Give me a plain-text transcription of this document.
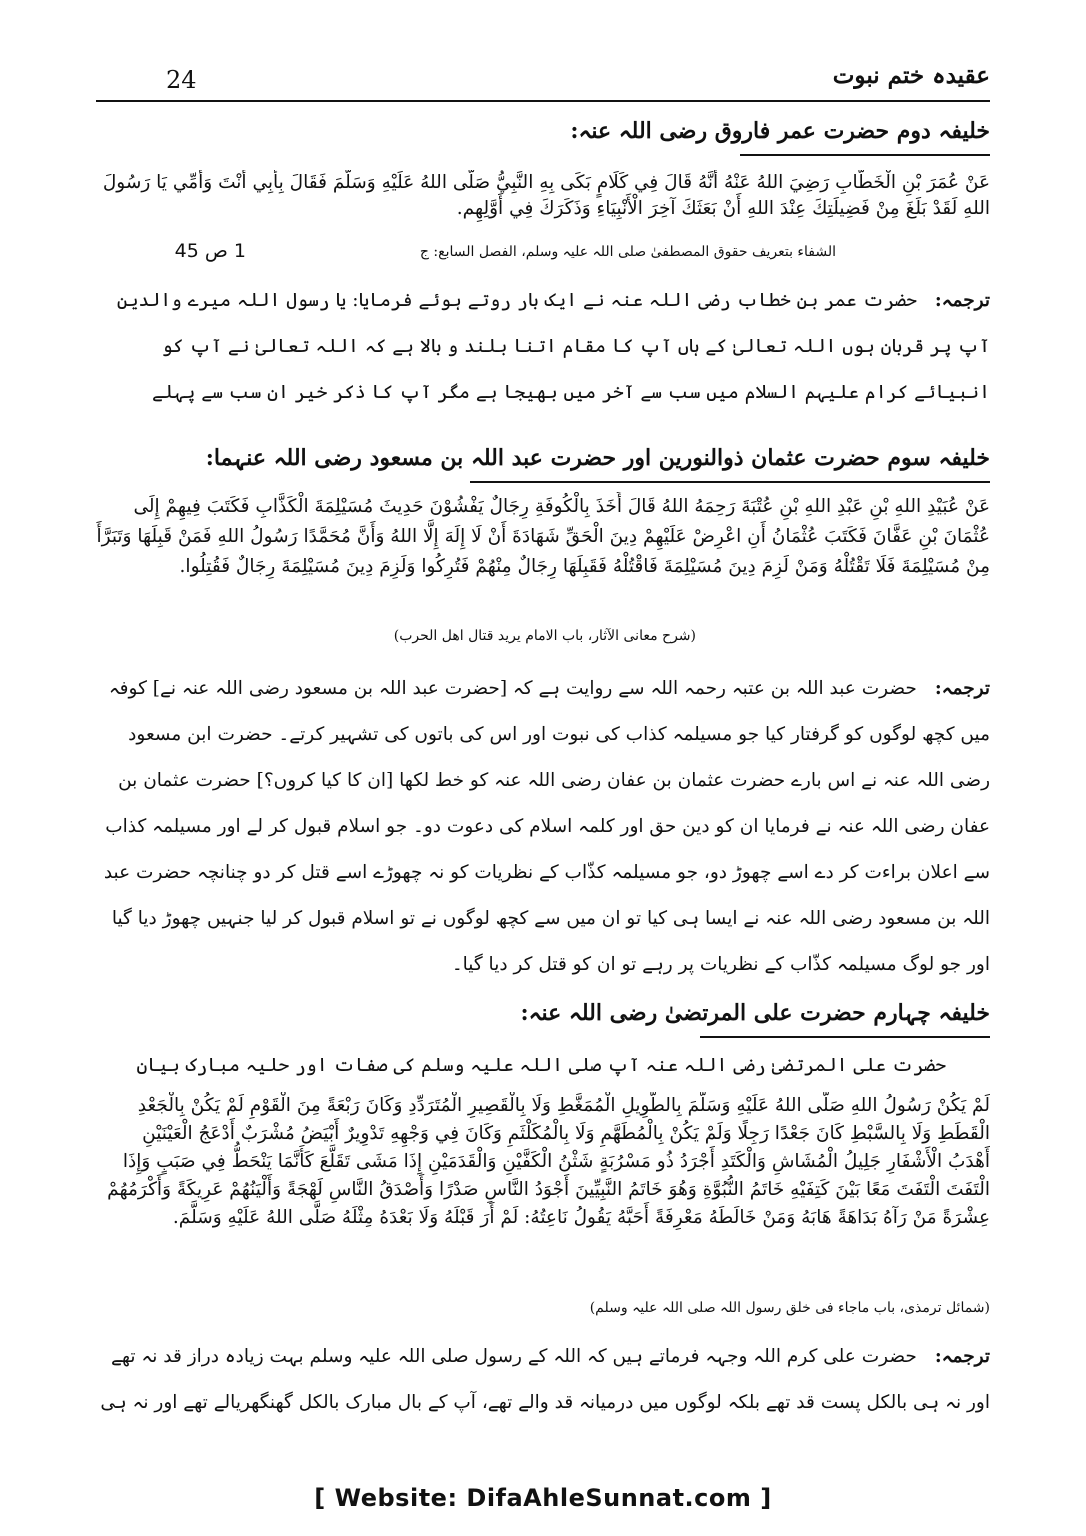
24	عقیدہ ختم نبوت
خلیفہ دوم حضرت عمر فاروق رضی اللہ عنہ:
عَنْ عُمَرَ بْنِ الْخَطَّابِ رَضِيَ اللهُ عَنْهُ أَنَّهُ قَالَ فِي كَلَامٍ بَكَى بِهِ النَّبِيُّ صَلَّى اللهُ عَلَيْهِ وَسَلَّمَ فَقَالَ بِأَبِي أَنْتَ وَأُمِّي يَا رَسُولَ اللهِ لَقَدْ بَلَغَ مِنْ فَضِيلَتِكَ عِنْدَ اللهِ أَنْ بَعَثَكَ آخِرَ الْأَنْبِيَاءِ وَذَكَرَكَ فِي أَوَّلِهِم.
الشفاء بتعریف حقوق المصطفیٰ صلی اللہ علیہ وسلم، الفصل السابع: ج
1 ص 45
ترجمہ:حضرت عمر بن خطاب رضی اللہ عنہ نے ایک بار روتے ہوئے فرمایا: یا رسول اللہ میرے والدین آپ پر قربان ہوں اللہ تعالیٰ کے ہاں آپ کا مقام اتنا بلند و بالا ہے کہ اللہ تعالیٰ نے آپ کو انبیائے کرام علیہم السلام میں سب سے آخر میں بھیجا ہے مگر آپ کا ذکر خیر ان سب سے پہلے
خلیفہ سوم حضرت عثمان ذوالنورین اور حضرت عبد اللہ بن مسعود رضی اللہ عنہما:
عَنْ عُبَيْدِ اللهِ بْنِ عَبْدِ اللهِ بْنِ عُتْبَةَ رَحِمَهُ اللهُ قَالَ أَخَذَ بِالْكُوفَةِ رِجَالٌ يَفْشُوْنَ حَدِيثَ مُسَيْلِمَةَ الْكَذَّابِ فَكَتَبَ فِيهِمْ إِلَى عُثْمَانَ بْنِ عَفَّانَ فَكَتَبَ عُثْمَانُ أَنِ اعْرِضْ عَلَيْهِمْ دِينَ الْحَقِّ شَهَادَةَ أَنْ لَا إِلَهَ إِلَّا اللهُ وَأَنَّ مُحَمَّدًا رَسُولُ اللهِ فَمَنْ قَبِلَهَا وَتَبَرَّأَ مِنْ مُسَيْلِمَةَ فَلَا تَقْتُلْهُ وَمَنْ لَزِمَ دِينَ مُسَيْلِمَةَ فَاقْتُلْهُ فَقَبِلَهَا رِجَالٌ مِنْهُمْ فَتُرِكُوا وَلَزِمَ دِينَ مُسَيْلِمَةَ رِجَالٌ فَقُتِلُوا.
(شرح معانی الآثار، باب الامام یرید قتال اھل الحرب)
ترجمہ:حضرت عبد اللہ بن عتبہ رحمہ اللہ سے روایت ہے کہ [حضرت عبد اللہ بن مسعود رضی اللہ عنہ نے] کوفہ میں کچھ لوگوں کو گرفتار کیا جو مسیلمہ کذاب کی نبوت اور اس کی باتوں کی تشہیر کرتے۔ حضرت ابن مسعود رضی اللہ عنہ نے اس بارے حضرت عثمان بن عفان رضی اللہ عنہ کو خط لکھا [ان کا کیا کروں؟] حضرت عثمان بن عفان رضی اللہ عنہ نے فرمایا ان کو دین حق اور کلمہ اسلام کی دعوت دو۔ جو اسلام قبول کر لے اور مسیلمہ کذاب سے اعلان براءت کر دے اسے چھوڑ دو، جو مسیلمہ کذّاب کے نظریات کو نہ چھوڑے اسے قتل کر دو چنانچہ حضرت عبد اللہ بن مسعود رضی اللہ عنہ نے ایسا ہی کیا تو ان میں سے کچھ لوگوں نے تو اسلام قبول کر لیا جنہیں چھوڑ دیا گیا اور جو لوگ مسیلمہ کذّاب کے نظریات پر رہے تو ان کو قتل کر دیا گیا۔
خلیفہ چہارم حضرت علی المرتضیٰ رضی اللہ عنہ:
حضرت علی المرتضیٰ رضی اللہ عنہ آپ صلی اللہ علیہ وسلم کی صفات اور حلیہ مبارک بیان
لَمْ يَكُنْ رَسُولُ اللهِ صَلَّى اللهُ عَلَيْهِ وَسَلَّمَ بِالطَّوِيلِ الْمُمَغَّطِ وَلَا بِالْقَصِيرِ الْمُتَرَدِّدِ وَكَانَ رَبْعَةً مِنَ الْقَوْمِ لَمْ يَكُنْ بِالْجَعْدِ الْقَطَطِ وَلَا بِالسَّبْطِ كَانَ جَعْدًا رَجِلًا وَلَمْ يَكُنْ بِالْمُطَهَّمِ وَلَا بِالْمُكَلْثَمِ وَكَانَ فِي وَجْهِهِ تَدْوِيرٌ أَبْيَضُ مُشْرَبٌ أَدْعَجُ الْعَيْنَيْنِ أَهْدَبُ الْأَشْفَارِ جَلِيلُ الْمُشَاشِ وَالْكَتَدِ أَجْرَدُ ذُو مَسْرُبَةٍ شَثْنُ الْكَفَّيْنِ وَالْقَدَمَيْنِ إِذَا مَشَى تَقَلَّعَ كَأَنَّمَا يَنْحَطُّ فِي صَبَبٍ وَإِذَا الْتَفَتَ الْتَفَتَ مَعًا بَيْنَ كَتِفَيْهِ خَاتَمُ النُّبُوَّةِ وَهُوَ خَاتَمُ النَّبِيِّينَ أَجْوَدُ النَّاسِ صَدْرًا وَأَصْدَقُ النَّاسِ لَهْجَةً وَأَلْيَنُهُمْ عَرِيكَةً وَأَكْرَمُهُمْ عِشْرَةً مَنْ رَآهُ بَدَاهَةً هَابَهُ وَمَنْ خَالَطَهُ مَعْرِفَةً أَحَبَّهُ يَقُولُ نَاعِتُهُ: لَمْ أَرَ قَبْلَهُ وَلَا بَعْدَهُ مِثْلَهُ صَلَّى اللهُ عَلَيْهِ وَسَلَّمَ.
(شمائل ترمذی، باب ماجاء فی خلق رسول اللہ صلی اللہ علیہ وسلم)
ترجمہ:حضرت علی کرم اللہ وجہہ فرماتے ہیں کہ اللہ کے رسول صلی اللہ علیہ وسلم بہت زیادہ دراز قد نہ تھے اور نہ ہی بالکل پست قد تھے بلکہ لوگوں میں درمیانہ قد والے تھے، آپ کے بال مبارک بالکل گھنگھریالے تھے اور نہ ہی
[ Website: DifaAhleSunnat.com ]
